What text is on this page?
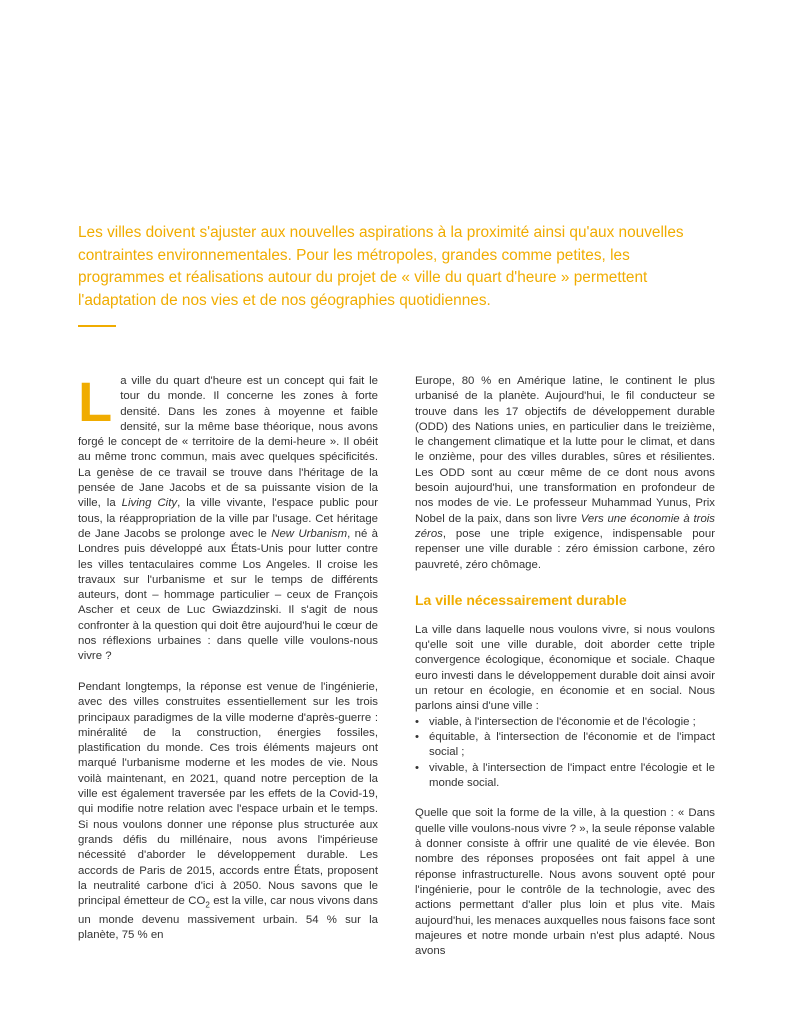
Les villes doivent s'ajuster aux nouvelles aspirations à la proximité ainsi qu'aux nouvelles contraintes environnementales. Pour les métropoles, grandes comme petites, les programmes et réalisations autour du projet de « ville du quart d'heure » permettent l'adaptation de nos vies et de nos géographies quotidiennes.

La ville du quart d'heure est un concept qui fait le tour du monde. Il concerne les zones à forte densité. Dans les zones à moyenne et faible densité, sur la même base théorique, nous avons forgé le concept de « territoire de la demi-heure ». Il obéit au même tronc commun, mais avec quelques spécificités. La genèse de ce travail se trouve dans l'héritage de la pensée de Jane Jacobs et de sa puissante vision de la ville, la Living City, la ville vivante, l'espace public pour tous, la réappropriation de la ville par l'usage. Cet héritage de Jane Jacobs se prolonge avec le New Urbanism, né à Londres puis développé aux États-Unis pour lutter contre les villes tentaculaires comme Los Angeles. Il croise les travaux sur l'urbanisme et sur le temps de différents auteurs, dont – hommage particulier – ceux de François Ascher et ceux de Luc Gwiazdzinski. Il s'agit de nous confronter à la question qui doit être aujourd'hui le cœur de nos réflexions urbaines : dans quelle ville voulons-nous vivre ?

Pendant longtemps, la réponse est venue de l'ingénierie, avec des villes construites essentiellement sur les trois principaux paradigmes de la ville moderne d'après-guerre : minéralité de la construction, énergies fossiles, plastification du monde. Ces trois éléments majeurs ont marqué l'urbanisme moderne et les modes de vie. Nous voilà maintenant, en 2021, quand notre perception de la ville est également traversée par les effets de la Covid-19, qui modifie notre relation avec l'espace urbain et le temps. Si nous voulons donner une réponse plus structurée aux grands défis du millénaire, nous avons l'impérieuse nécessité d'aborder le développement durable. Les accords de Paris de 2015, accords entre États, proposent la neutralité carbone d'ici à 2050. Nous savons que le principal émetteur de $CO_2$ est la ville, car nous vivons dans un monde devenu massivement urbain. 54 % sur la planète, 75 % en

Europe, 80 % en Amérique latine, le continent le plus urbanisé de la planète. Aujourd'hui, le fil conducteur se trouve dans les 17 objectifs de développement durable (ODD) des Nations unies, en particulier dans le treizième, le changement climatique et la lutte pour le climat, et dans le onzième, pour des villes durables, sûres et résilientes. Les ODD sont au cœur même de ce dont nous avons besoin aujourd'hui, une transformation en profondeur de nos modes de vie. Le professeur Muhammad Yunus, Prix Nobel de la paix, dans son livre Vers une économie à trois zéros, pose une triple exigence, indispensable pour repenser une ville durable : zéro émission carbone, zéro pauvreté, zéro chômage.

La ville nécessairement durable

La ville dans laquelle nous voulons vivre, si nous voulons qu'elle soit une ville durable, doit aborder cette triple convergence écologique, économique et sociale. Chaque euro investi dans le développement durable doit ainsi avoir un retour en écologie, en économie et en social. Nous parlons ainsi d'une ville :

• viable, à l'intersection de l'économie et de l'écologie ;
• équitable, à l'intersection de l'économie et de l'impact social ;
• vivable, à l'intersection de l'impact entre l'écologie et le monde social.

Quelle que soit la forme de la ville, à la question : « Dans quelle ville voulons-nous vivre ? », la seule réponse valable à donner consiste à offrir une qualité de vie élevée. Bon nombre des réponses proposées ont fait appel à une réponse infrastructurelle. Nous avons souvent opté pour l'ingénierie, pour le contrôle de la technologie, avec des actions permettant d'aller plus loin et plus vite. Mais aujourd'hui, les menaces auxquelles nous faisons face sont majeures et notre monde urbain n'est plus adapté. Nous avons
